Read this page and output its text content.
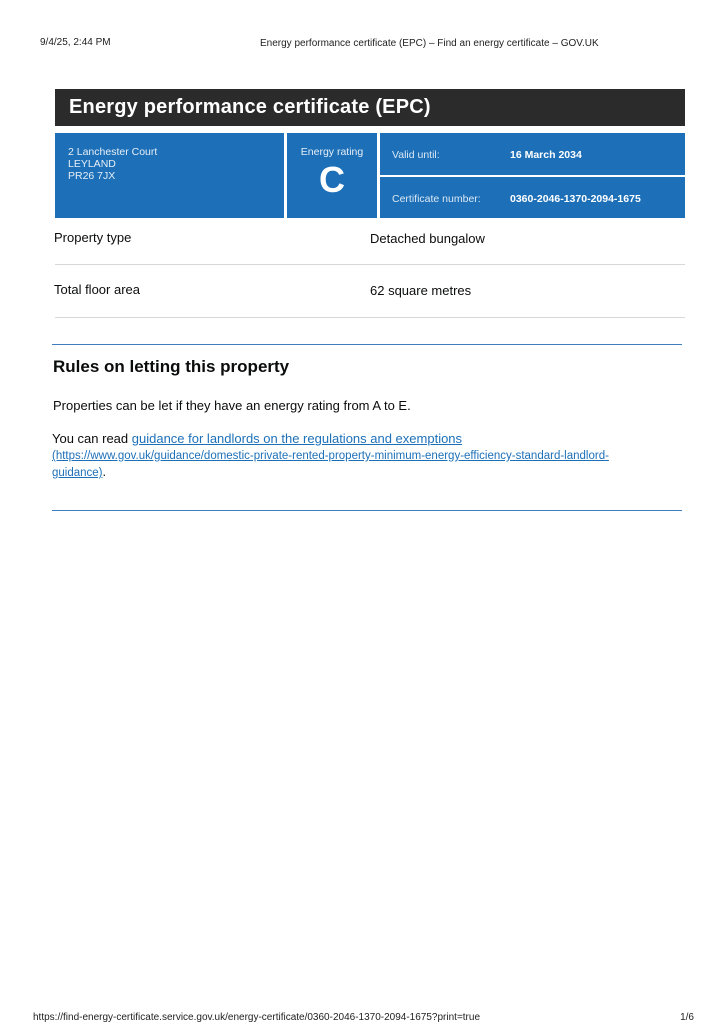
9/4/25, 2:44 PM	Energy performance certificate (EPC) – Find an energy certificate – GOV.UK
Energy performance certificate (EPC)
2 Lanchester Court
LEYLAND
PR26 7JX
Energy rating
C
Valid until:	16 March 2034
Certificate number:	0360-2046-1370-2094-1675
Property type	Detached bungalow
Total floor area	62 square metres
Rules on letting this property
Properties can be let if they have an energy rating from A to E.
You can read guidance for landlords on the regulations and exemptions (https://www.gov.uk/guidance/domestic-private-rented-property-minimum-energy-efficiency-standard-landlord-guidance).
https://find-energy-certificate.service.gov.uk/energy-certificate/0360-2046-1370-2094-1675?print=true	1/6
